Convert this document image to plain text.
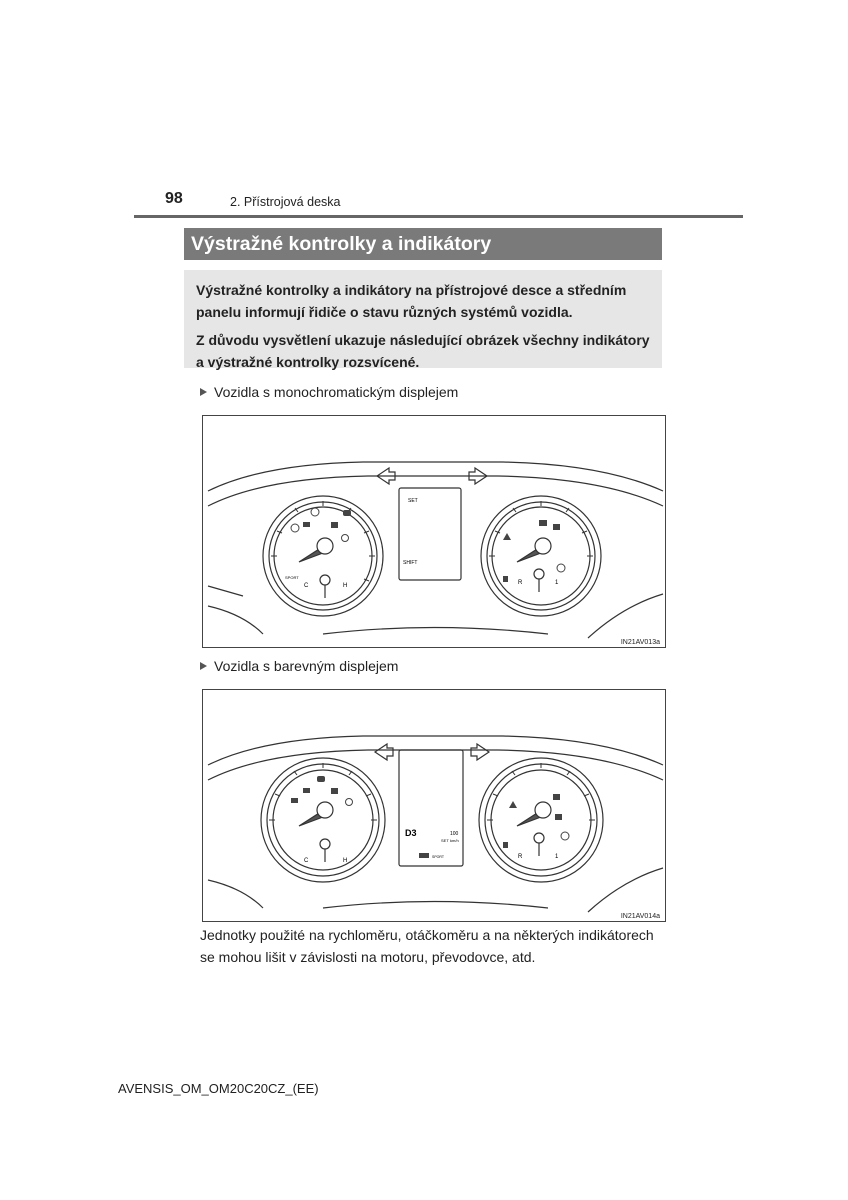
98	2. Přístrojová deska
Výstražné kontrolky a indikátory

Výstražné kontrolky a indikátory na přístrojové desce a středním panelu informují řidiče o stavu různých systémů vozidla.

Z důvodu vysvětlení ukazuje následující obrázek všechny indikátory a výstražné kontrolky rozsvícené.

Vozidla s monochromatickým displejem
SET
SHIFT
SPORT
C	H	R	1
IN21AV013a
Vozidla s barevným displejem
D3
SET
100
km/h
SPORT
C	H
R	1
IN21AV014a
Jednotky použité na rychloměru, otáčkoměru a na některých indikátorech se mohou lišit v závislosti na motoru, převodovce, atd.
AVENSIS_OM_OM20C20CZ_(EE)
